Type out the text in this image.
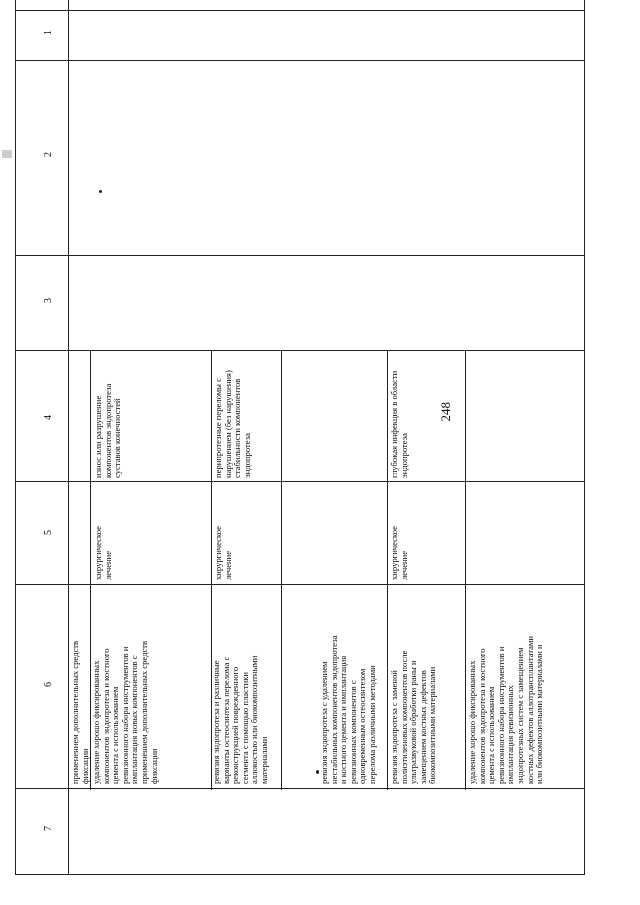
248
1
2
3
4
5
6
7
применением дополнительных средств
фиксации
износ или разрушение
компонентов эндопротеза
суставов конечностей
хирургическое
лечение
удаление хорошо фиксированных
компонентов эндопротеза и костного
цемента с использованием
ревизионного набора инструментов и
имплантация новых компонентов с
применением дополнительных средств
фиксации
перипротезные переломы с
нарушением (без нарушения)
стабильности компонентов
эндопротеза
хирургическое
лечение
ревизия эндопротеза и различные
варианты остеосинтеза перелома с
реконструкцией поврежденного
сегмента с помощью пластики
аллокостью или биокомпозитными
материалами	ревизия эндопротеза с удалением
нестабильных компонентов эндопротеза
и костного цемента и имплантация
ревизионных компонентов с
одновременным остеосинтезом
перелома различными методами
глубокая инфекция в области
эндопротеза
хирургическое
лечение
ревизия эндопротеза с заменой
полиэтиленовых компонентов после
ультразвуковой обработки раны и
замещением костных дефектов
биокомпозитными материалами
удаление хорошо фиксированных
компонентов эндопротеза и костного
цемента с использованием
ревизионного набора инструментов и
имплантация ревизионных
эндопротезных систем с замещением
костных дефектов аллотрансплантатами
или биокомпозитными материалами и
